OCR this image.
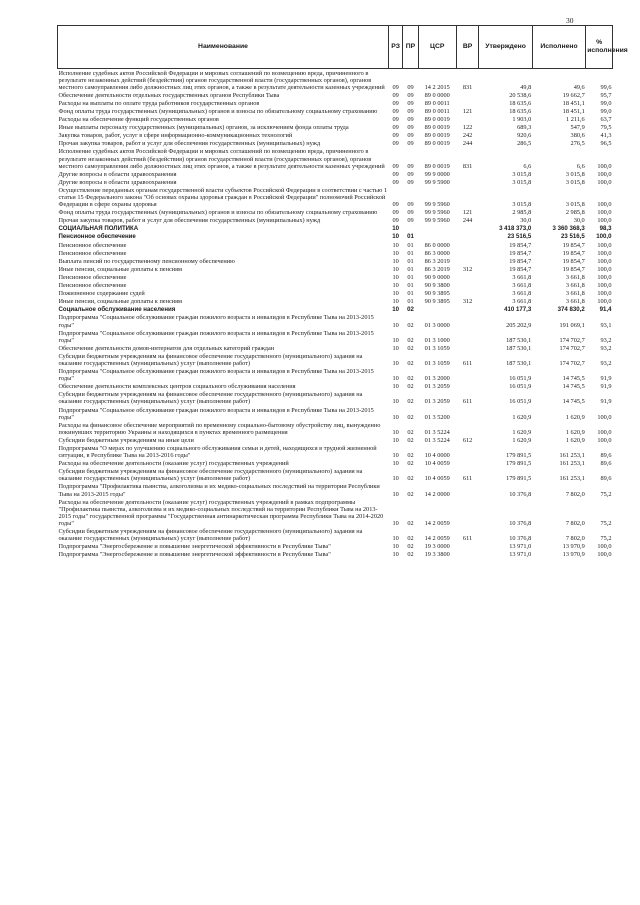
30
Наименование	РЗ	ПР	ЦСР	ВР	Утверждено	Исполнено	% исполнения
Исполнение судебных актов Российской Федерации и мировых соглашений по возмещению вреда, причиненного в результате незаконных действий (бездействия) органов государственной власти (государственных органов), органов местного самоуправления либо должностных лиц этих органов, а также в результате деятельности казенных учреждений	09	09	14 2 2015	831	49,8	49,6	99,6
Обеспечение деятельности отдельных государственных органов Республики Тыва	09	09	89 0 0000		20 538,6	19 662,7	95,7
Расходы на выплаты по оплате труда работников государственных органов	09	09	89 0 0011		18 635,6	18 451,1	99,0
Фонд оплаты труда государственных (муниципальных) органов и взносы по обязательному социальному страхованию	09	09	89 0 0011	121	18 635,6	18 451,1	99,0
Расходы на обеспечение функций государственных органов	09	09	89 0 0019		1 903,0	1 211,6	63,7
Иные выплаты персоналу государственных (муниципальных) органов, за исключением фонда оплаты труда	09	09	89 0 0019	122	689,3	547,9	79,5
Закупка товаров, работ, услуг в сфере информационно-коммуникационных технологий	09	09	89 0 0019	242	920,6	380,6	41,3
Прочая закупка товаров, работ и услуг для обеспечения государственных (муниципальных) нужд	09	09	89 0 0019	244	286,5	276,5	96,5
Исполнение судебных актов Российской Федерации и мировых соглашений по возмещению вреда, причиненного в результате незаконных действий (бездействия) органов государственной власти (государственных органов), органов местного самоуправления либо должностных лиц этих органов, а также в результате деятельности казенных учреждений	09	09	89 0 0019	831	6,6	6,6	100,0
Другие вопросы в области здравоохранения	09	09	99 9 0000		3 015,8	3 015,8	100,0
Другие вопросы в области здравоохранения	09	09	99 9 5900		3 015,8	3 015,8	100,0
Осуществление переданных органам государственной власти субъектов Российской Федерации в соответствии с частью 1 статьи 15 Федерального закона "Об основах охраны здоровья граждан в Российской Федерации" полномочий Российской Федерации в сфере охраны здоровья	09	09	99 9 5960		3 015,8	3 015,8	100,0
Фонд оплаты труда государственных (муниципальных) органов и взносы по обязательному социальному страхованию	09	09	99 9 5960	121	2 985,8	2 985,8	100,0
Прочая закупка товаров, работ и услуг для обеспечения государственных (муниципальных) нужд	09	09	99 9 5960	244	30,0	30,0	100,0
СОЦИАЛЬНАЯ ПОЛИТИКА	10				3 418 373,0	3 360 368,3	98,3
Пенсионное обеспечение	10	01			23 516,5	23 516,5	100,0
Пенсионное обеспечение	10	01	86 0 0000		19 854,7	19 854,7	100,0
Пенсионное обеспечение	10	01	86 3 0000		19 854,7	19 854,7	100,0
Выплата пенсий по государственному пенсионному обеспечению	10	01	86 3 2019		19 854,7	19 854,7	100,0
Иные пенсии, социальные доплаты к пенсиям	10	01	86 3 2019	312	19 854,7	19 854,7	100,0
Пенсионное обеспечение	10	01	90 9 0000		3 661,8	3 661,8	100,0
Пенсионное обеспечение	10	01	90 9 3800		3 661,8	3 661,8	100,0
Пожизненное содержание судей	10	01	90 9 3895		3 661,8	3 661,8	100,0
Иные пенсии, социальные доплаты к пенсиям	10	01	90 9 3895	312	3 661,8	3 661,8	100,0
Социальное обслуживание населения	10	02			410 177,3	374 830,2	91,4
Подпрограмма "Социальное обслуживание граждан пожилого возраста и инвалидов в Республике Тыва на 2013-2015 годы"	10	02	01 3 0000		205 202,9	191 069,1	93,1
Подпрограмма "Социальное обслуживание граждан пожилого возраста и инвалидов в Республике Тыва на 2013-2015 годы"	10	02	01 3 1000		187 530,1	174 702,7	93,2
Обеспечение деятельности домов-интернатов для отдельных категорий граждан	10	02	01 3 1059		187 530,1	174 702,7	93,2
Субсидии бюджетным учреждениям на финансовое обеспечение государственного (муниципального) задания на оказание государственных (муниципальных) услуг (выполнение работ)	10	02	01 3 1059	611	187 530,1	174 702,7	93,2
Подпрограмма "Социальное обслуживание граждан пожилого возраста и инвалидов в Республике Тыва на 2013-2015 годы"	10	02	01 3 2000		16 051,9	14 745,5	91,9
Обеспечение деятельности комплексных центров социального обслуживания населения	10	02	01 3 2059		16 051,9	14 745,5	91,9
Субсидии бюджетным учреждениям на финансовое обеспечение государственного (муниципального) задания на оказание государственных (муниципальных) услуг (выполнение работ)	10	02	01 3 2059	611	16 051,9	14 745,5	91,9
Подпрограмма "Социальное обслуживание граждан пожилого возраста и инвалидов в Республике Тыва на 2013-2015 годы"	10	02	01 3 5200		1 620,9	1 620,9	100,0
Расходы на финансовое обеспечение мероприятий по временному социально-бытовому обустройству лиц, вынужденно покинувших территорию Украины и находящихся в пунктах временного размещения	10	02	01 3 5224		1 620,9	1 620,9	100,0
Субсидии бюджетным учреждениям на иные цели	10	02	01 3 5224	612	1 620,9	1 620,9	100,0
Подпрограмма "О мерах по улучшению социального обслуживания семьи и детей, находящихся в трудной жизненной ситуации, в Республике Тыва на 2013-2016 годы"	10	02	10 4 0000		179 891,5	161 253,1	89,6
Расходы на обеспечение деятельности (оказание услуг) государственных учреждений	10	02	10 4 0059		179 891,5	161 253,1	89,6
Субсидии бюджетным учреждениям на финансовое обеспечение государственного (муниципального) задания на оказание государственных (муниципальных) услуг (выполнение работ)	10	02	10 4 0059	611	179 891,5	161 253,1	89,6
Подпрограмма "Профилактика пьянства, алкоголизма и их медико-социальных последствий на территории Республики Тыва на 2013-2015 годы"	10	02	14 2 0000		10 376,8	7 802,0	75,2
Расходы на обеспечение деятельности (оказание услуг) государственных учреждений в рамках подпрограммы "Профилактика пьянства, алкоголизма и их медико-социальных последствий на территории Республики Тыва на 2013-2015 годы" государственной программы "Государственная антинаркотическая программа Республики Тыва на 2014-2020 годы"	10	02	14 2 0059		10 376,8	7 802,0	75,2
Субсидии бюджетным учреждениям на финансовое обеспечение государственного (муниципального) задания на оказание государственных (муниципальных) услуг (выполнение работ)	10	02	14 2 0059	611	10 376,8	7 802,0	75,2
Подпрограмма "Энергосбережение и повышение энергетической эффективности в Республике Тыва"	10	02	19 3 0000		13 971,0	13 970,9	100,0
Подпрограмма "Энергосбережение и повышение энергетической эффективности в Республике Тыва"	10	02	19 3 3800		13 971,0	13 970,9	100,0
